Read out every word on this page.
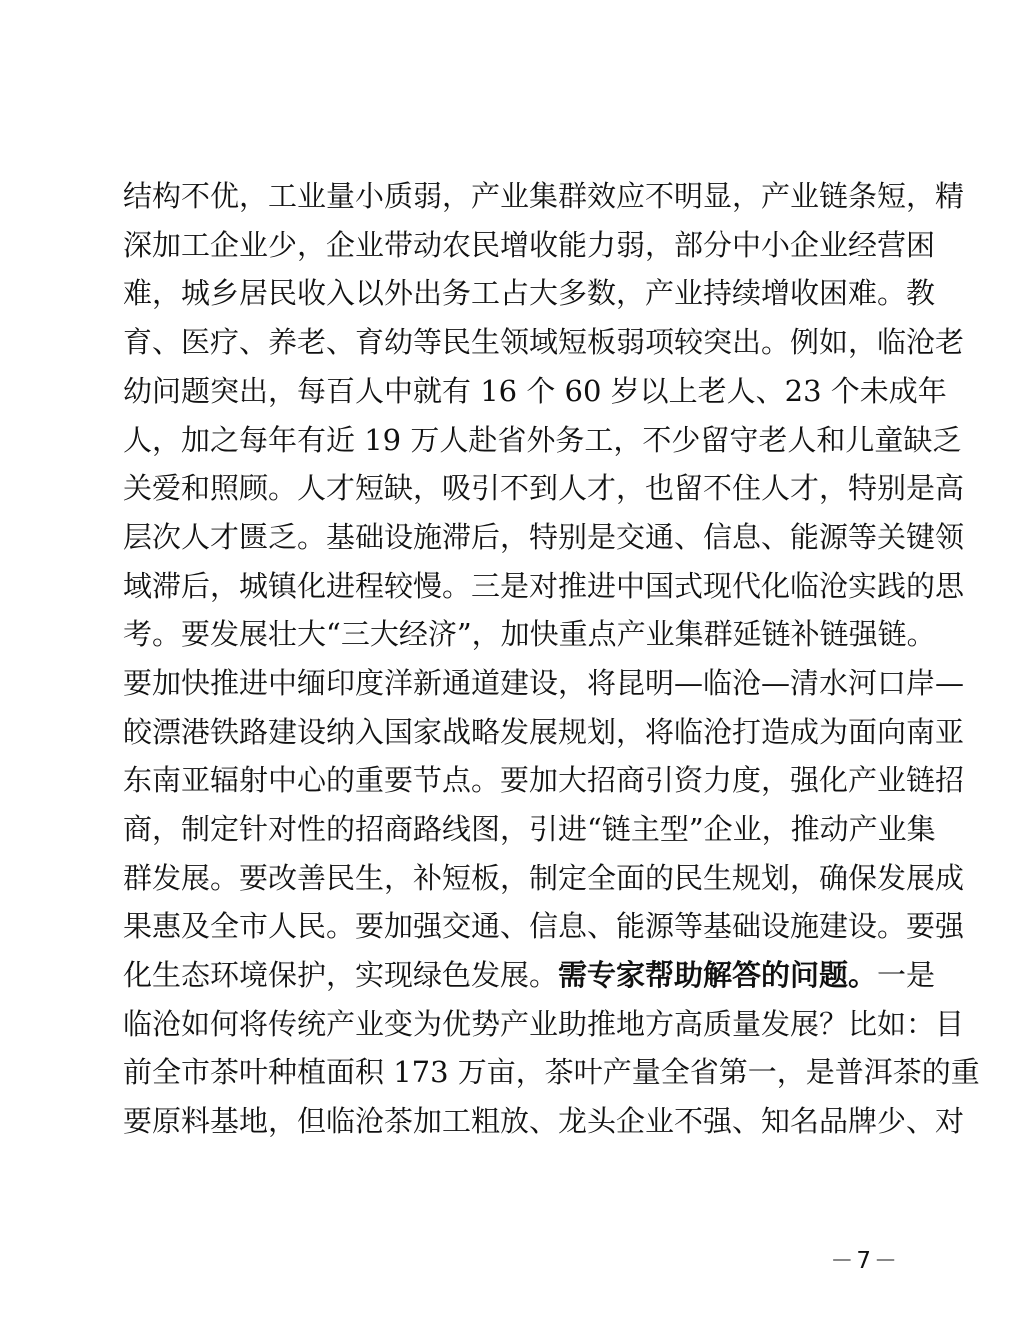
结构不优，工业量小质弱，产业集群效应不明显，产业链条短，精
深加工企业少，企业带动农民增收能力弱，部分中小企业经营困
难，城乡居民收入以外出务工占大多数，产业持续增收困难。教
育、医疗、养老、育幼等民生领域短板弱项较突出。例如，临沧老
幼问题突出，每百人中就有 16 个 60 岁以上老人、23 个未成年
人，加之每年有近 19 万人赴省外务工，不少留守老人和儿童缺乏
关爱和照顾。人才短缺，吸引不到人才，也留不住人才，特别是高
层次人才匮乏。基础设施滞后，特别是交通、信息、能源等关键领
域滞后，城镇化进程较慢。三是对推进中国式现代化临沧实践的思
考。要发展壮大“三大经济”，加快重点产业集群延链补链强链。
要加快推进中缅印度洋新通道建设，将昆明—临沧—清水河口岸—
皎漂港铁路建设纳入国家战略发展规划，将临沧打造成为面向南亚
东南亚辐射中心的重要节点。要加大招商引资力度，强化产业链招
商，制定针对性的招商路线图，引进“链主型”企业，推动产业集
群发展。要改善民生，补短板，制定全面的民生规划，确保发展成
果惠及全市人民。要加强交通、信息、能源等基础设施建设。要强
化生态环境保护，实现绿色发展。需专家帮助解答的问题。一是
临沧如何将传统产业变为优势产业助推地方高质量发展？比如：目
前全市茶叶种植面积 173 万亩，茶叶产量全省第一，是普洱茶的重
要原料基地，但临沧茶加工粗放、龙头企业不强、知名品牌少、对
－7－
